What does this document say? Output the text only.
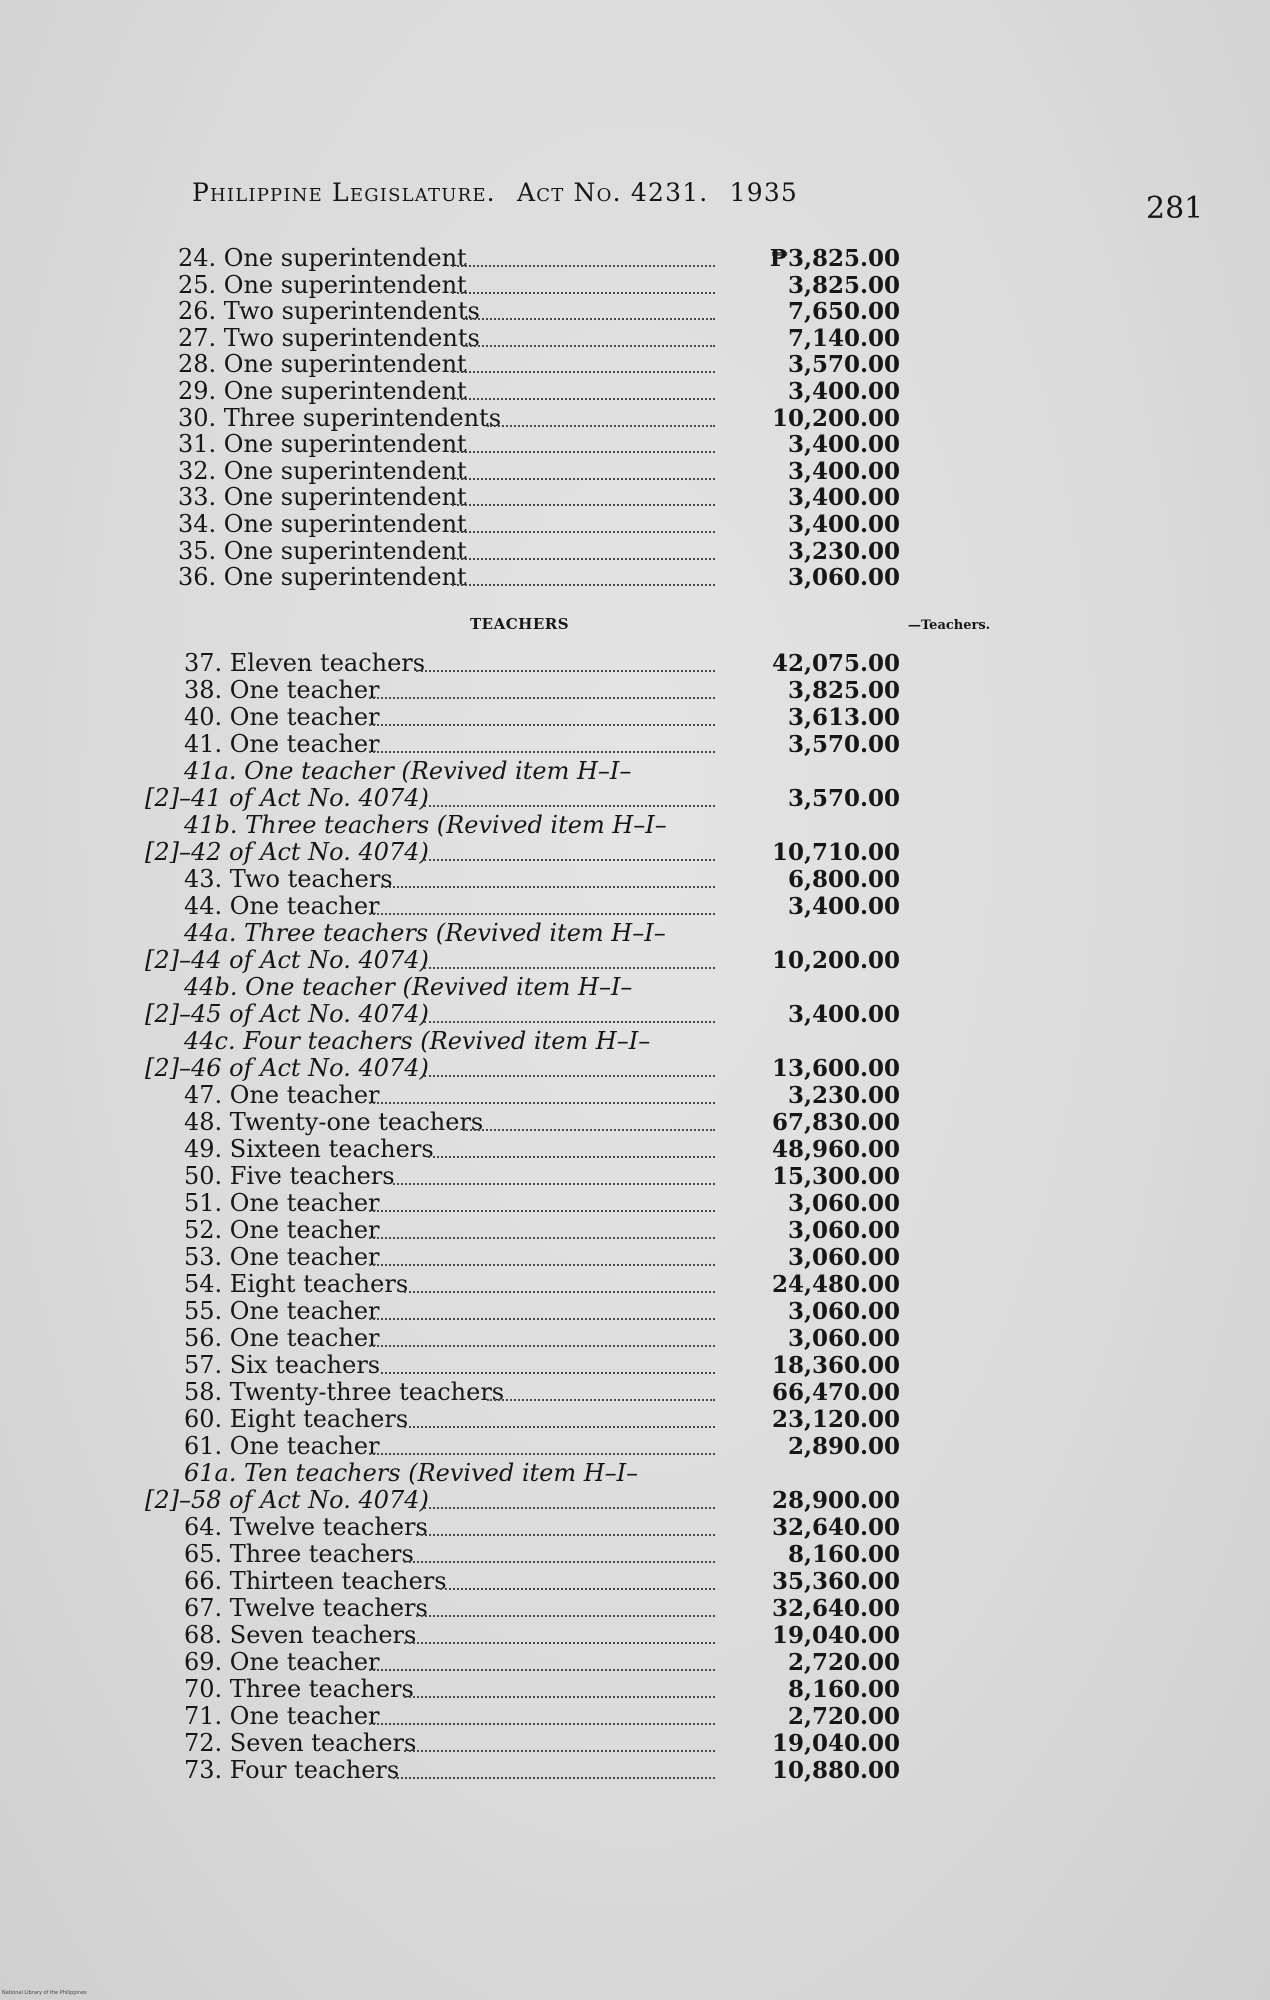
Philippine Legislature. Act No. 4231. 1935	281
TEACHERS	—Teachers.
24. One superintendent	₱3,825.00
25. One superintendent	3,825.00
26. Two superintendents	7,650.00
27. Two superintendents	7,140.00
28. One superintendent	3,570.00
29. One superintendent	3,400.00
30. Three superintendents	10,200.00
31. One superintendent	3,400.00
32. One superintendent	3,400.00
33. One superintendent	3,400.00
34. One superintendent	3,400.00
35. One superintendent	3,230.00
36. One superintendent	3,060.00
37. Eleven teachers	42,075.00
38. One teacher	3,825.00
40. One teacher	3,613.00
41. One teacher	3,570.00
41a. One teacher (Revived item H–I–
[2]–41 of Act No. 4074)	3,570.00
41b. Three teachers (Revived item H–I–
[2]–42 of Act No. 4074)	10,710.00
43. Two teachers	6,800.00
44. One teacher	3,400.00
44a. Three teachers (Revived item H–I–
[2]–44 of Act No. 4074)	10,200.00
44b. One teacher (Revived item H–I–
[2]–45 of Act No. 4074)	3,400.00
44c. Four teachers (Revived item H–I–
[2]–46 of Act No. 4074)	13,600.00
47. One teacher	3,230.00
48. Twenty-one teachers	67,830.00
49. Sixteen teachers	48,960.00
50. Five teachers	15,300.00
51. One teacher	3,060.00
52. One teacher	3,060.00
53. One teacher	3,060.00
54. Eight teachers	24,480.00
55. One teacher	3,060.00
56. One teacher	3,060.00
57. Six teachers	18,360.00
58. Twenty-three teachers	66,470.00
60. Eight teachers	23,120.00
61. One teacher	2,890.00
61a. Ten teachers (Revived item H–I–
[2]–58 of Act No. 4074)	28,900.00
64. Twelve teachers	32,640.00
65. Three teachers	8,160.00
66. Thirteen teachers	35,360.00
67. Twelve teachers	32,640.00
68. Seven teachers	19,040.00
69. One teacher	2,720.00
70. Three teachers	8,160.00
71. One teacher	2,720.00
72. Seven teachers	19,040.00
73. Four teachers	10,880.00
National Library of the Philippines
